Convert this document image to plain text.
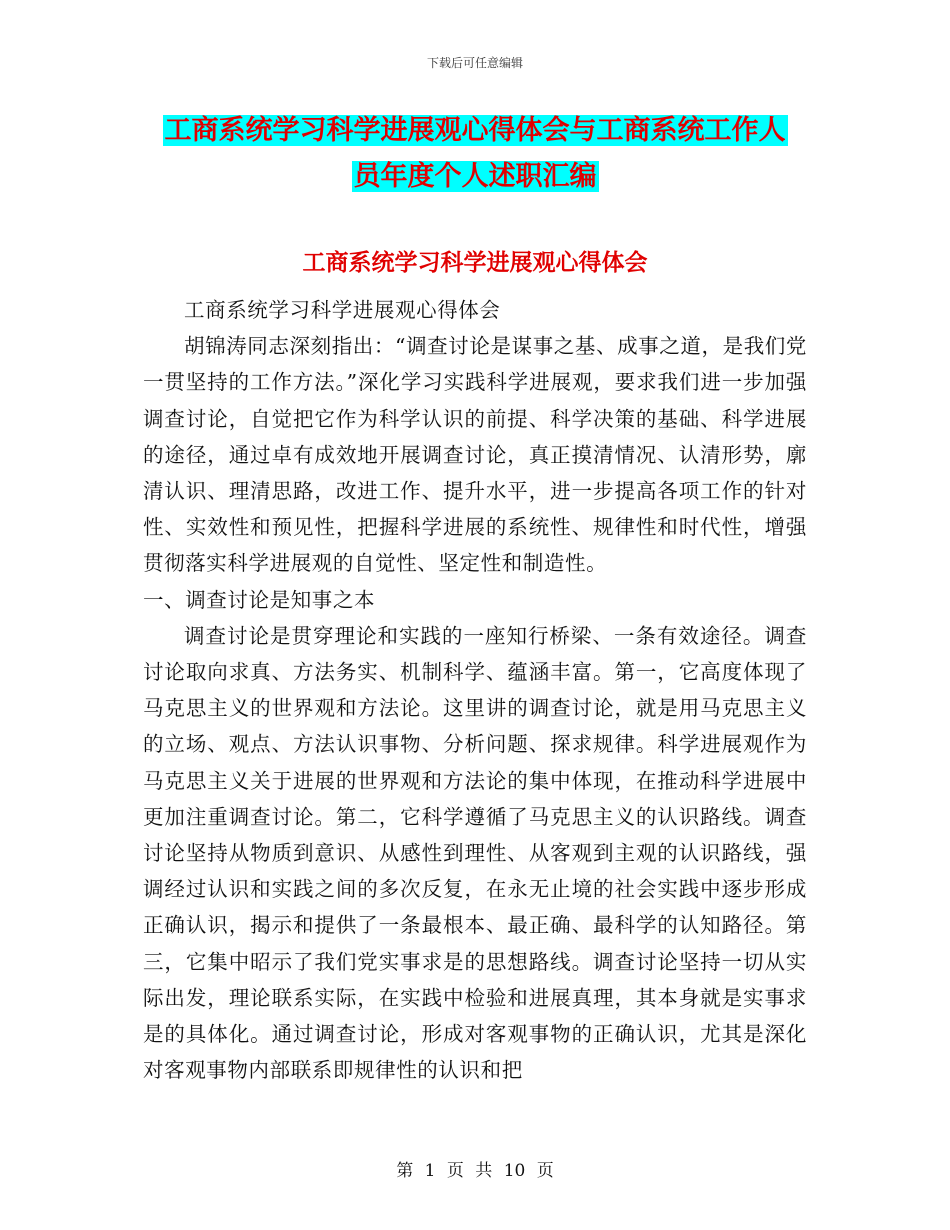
下载后可任意编辑
工商系统学习科学进展观心得体会与工商系统工作人
员年度个人述职汇编
工商系统学习科学进展观心得体会

工商系统学习科学进展观心得体会

胡锦涛同志深刻指出：“调查讨论是谋事之基、成事之道，是我们党一贯坚持的工作方法。”深化学习实践科学进展观，要求我们进一步加强调查讨论，自觉把它作为科学认识的前提、科学决策的基础、科学进展的途径，通过卓有成效地开展调查讨论，真正摸清情况、认清形势，廓清认识、理清思路，改进工作、提升水平，进一步提高各项工作的针对性、实效性和预见性，把握科学进展的系统性、规律性和时代性，增强贯彻落实科学进展观的自觉性、坚定性和制造性。

一、调查讨论是知事之本

调查讨论是贯穿理论和实践的一座知行桥梁、一条有效途径。调查讨论取向求真、方法务实、机制科学、蕴涵丰富。第一，它高度体现了马克思主义的世界观和方法论。这里讲的调查讨论，就是用马克思主义的立场、观点、方法认识事物、分析问题、探求规律。科学进展观作为马克思主义关于进展的世界观和方法论的集中体现，在推动科学进展中更加注重调查讨论。第二，它科学遵循了马克思主义的认识路线。调查讨论坚持从物质到意识、从感性到理性、从客观到主观的认识路线，强调经过认识和实践之间的多次反复，在永无止境的社会实践中逐步形成正确认识，揭示和提供了一条最根本、最正确、最科学的认知路径。第三，它集中昭示了我们党实事求是的思想路线。调查讨论坚持一切从实际出发，理论联系实际，在实践中检验和进展真理，其本身就是实事求是的具体化。通过调查讨论，形成对客观事物的正确认识，尤其是深化对客观事物内部联系即规律性的认识和把

第 1 页 共 10 页
